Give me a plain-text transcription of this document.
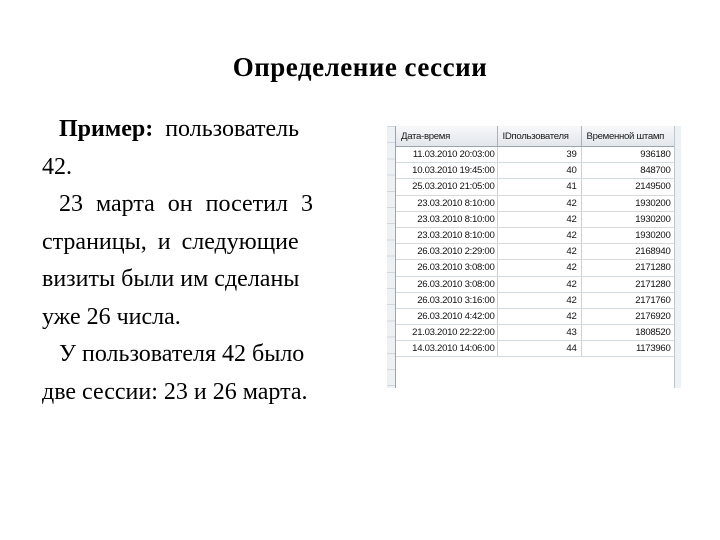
Определение сессии
Пример: пользователь
42.
23 марта он посетил 3
страницы, и следующие
визиты были им сделаны
уже 26 числа.
У пользователя 42 было
две сессии: 23 и 26 марта.
Дата-время	IDпользователя	Временной штамп
11.03.2010 20:03:00	39	936180
10.03.2010 19:45:00	40	848700
25.03.2010 21:05:00	41	2149500
23.03.2010 8:10:00	42	1930200
23.03.2010 8:10:00	42	1930200
23.03.2010 8:10:00	42	1930200
26.03.2010 2:29:00	42	2168940
26.03.2010 3:08:00	42	2171280
26.03.2010 3:08:00	42	2171280
26.03.2010 3:16:00	42	2171760
26.03.2010 4:42:00	42	2176920
21.03.2010 22:22:00	43	1808520
14.03.2010 14:06:00	44	1173960
